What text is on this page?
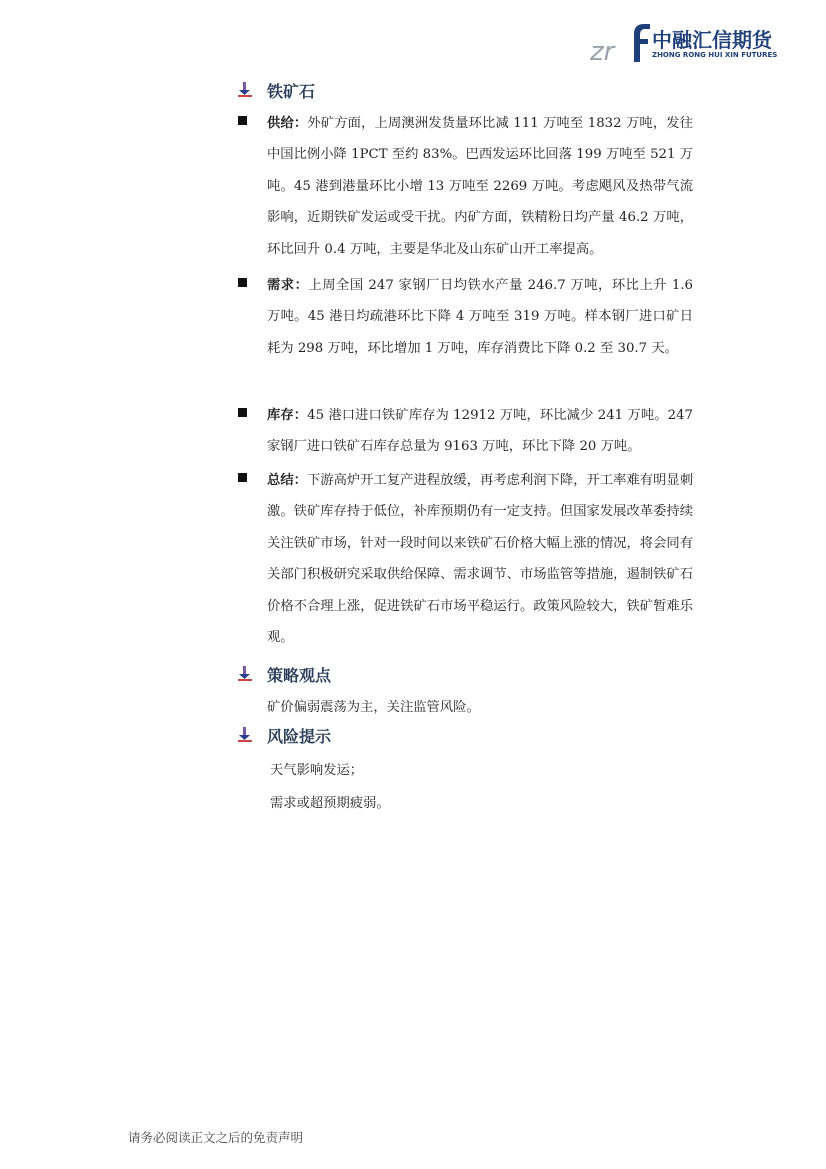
zr 中融汇信期货
ZHONG RONG HUI XIN FUTURES
铁矿石
供给：外矿方面，上周澳洲发货量环比减 111 万吨至 1832 万吨，发往中国比例小降 1PCT 至约 83%。巴西发运环比回落 199 万吨至 521 万吨。45 港到港量环比小增 13 万吨至 2269 万吨。考虑飓风及热带气流影响，近期铁矿发运或受干扰。内矿方面，铁精粉日均产量 46.2 万吨，环比回升 0.4 万吨，主要是华北及山东矿山开工率提高。
需求：上周全国 247 家钢厂日均铁水产量 246.7 万吨，环比上升 1.6 万吨。45 港日均疏港环比下降 4 万吨至 319 万吨。样本钢厂进口矿日耗为 298 万吨，环比增加 1 万吨，库存消费比下降 0.2 至 30.7 天。
库存：45 港口进口铁矿库存为 12912 万吨，环比减少 241 万吨。247 家钢厂进口铁矿石库存总量为 9163 万吨，环比下降 20 万吨。
总结：下游高炉开工复产进程放缓，再考虑利润下降，开工率难有明显刺激。铁矿库存持于低位，补库预期仍有一定支持。但国家发展改革委持续关注铁矿市场，针对一段时间以来铁矿石价格大幅上涨的情况，将会同有关部门积极研究采取供给保障、需求调节、市场监管等措施，遏制铁矿石价格不合理上涨，促进铁矿石市场平稳运行。政策风险较大，铁矿暂难乐观。
策略观点
矿价偏弱震荡为主，关注监管风险。
风险提示
天气影响发运；
需求或超预期疲弱。
请务必阅读正文之后的免责声明
